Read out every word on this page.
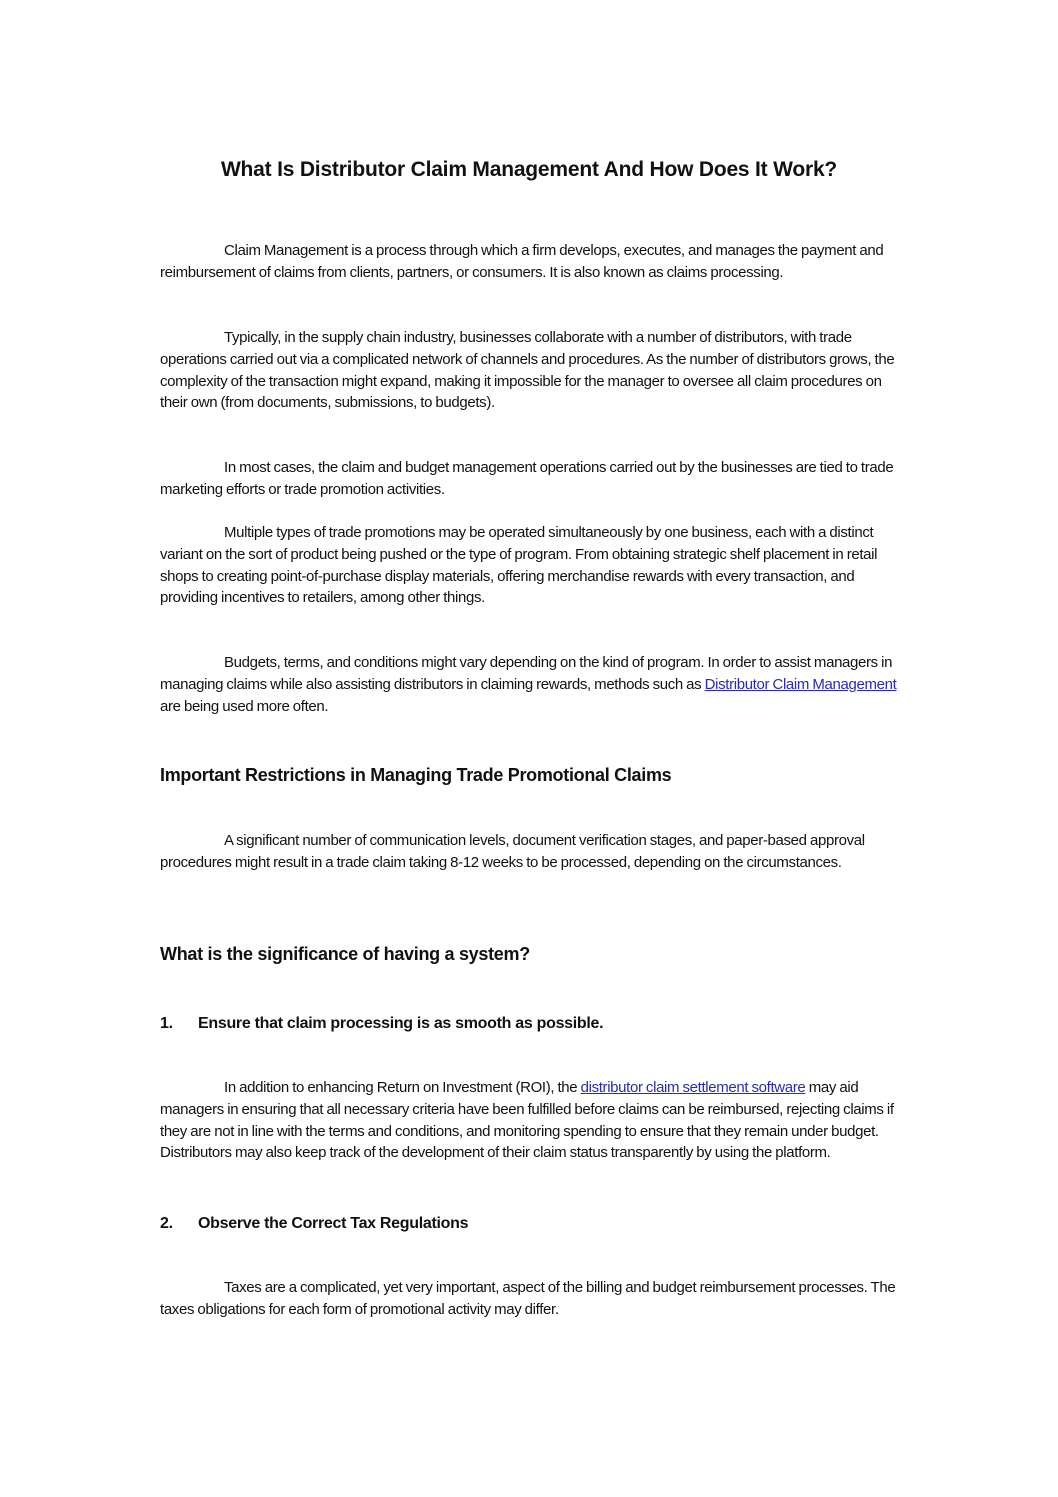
What Is Distributor Claim Management And How Does It Work?

Claim Management is a process through which a firm develops, executes, and manages the payment and reimbursement of claims from clients, partners, or consumers. It is also known as claims processing.

Typically, in the supply chain industry, businesses collaborate with a number of distributors, with trade operations carried out via a complicated network of channels and procedures. As the number of distributors grows, the complexity of the transaction might expand, making it impossible for the manager to oversee all claim procedures on their own (from documents, submissions, to budgets).

In most cases, the claim and budget management operations carried out by the businesses are tied to trade marketing efforts or trade promotion activities.

Multiple types of trade promotions may be operated simultaneously by one business, each with a distinct variant on the sort of product being pushed or the type of program. From obtaining strategic shelf placement in retail shops to creating point-of-purchase display materials, offering merchandise rewards with every transaction, and providing incentives to retailers, among other things.

Budgets, terms, and conditions might vary depending on the kind of program. In order to assist managers in managing claims while also assisting distributors in claiming rewards, methods such as Distributor Claim Management are being used more often.

Important Restrictions in Managing Trade Promotional Claims

A significant number of communication levels, document verification stages, and paper-based approval procedures might result in a trade claim taking 8-12 weeks to be processed, depending on the circumstances.

What is the significance of having a system?
1. Ensure that claim processing is as smooth as possible.

In addition to enhancing Return on Investment (ROI), the distributor claim settlement software may aid managers in ensuring that all necessary criteria have been fulfilled before claims can be reimbursed, rejecting claims if they are not in line with the terms and conditions, and monitoring spending to ensure that they remain under budget. Distributors may also keep track of the development of their claim status transparently by using the platform.

2. Observe the Correct Tax Regulations

Taxes are a complicated, yet very important, aspect of the billing and budget reimbursement processes. The taxes obligations for each form of promotional activity may differ.
